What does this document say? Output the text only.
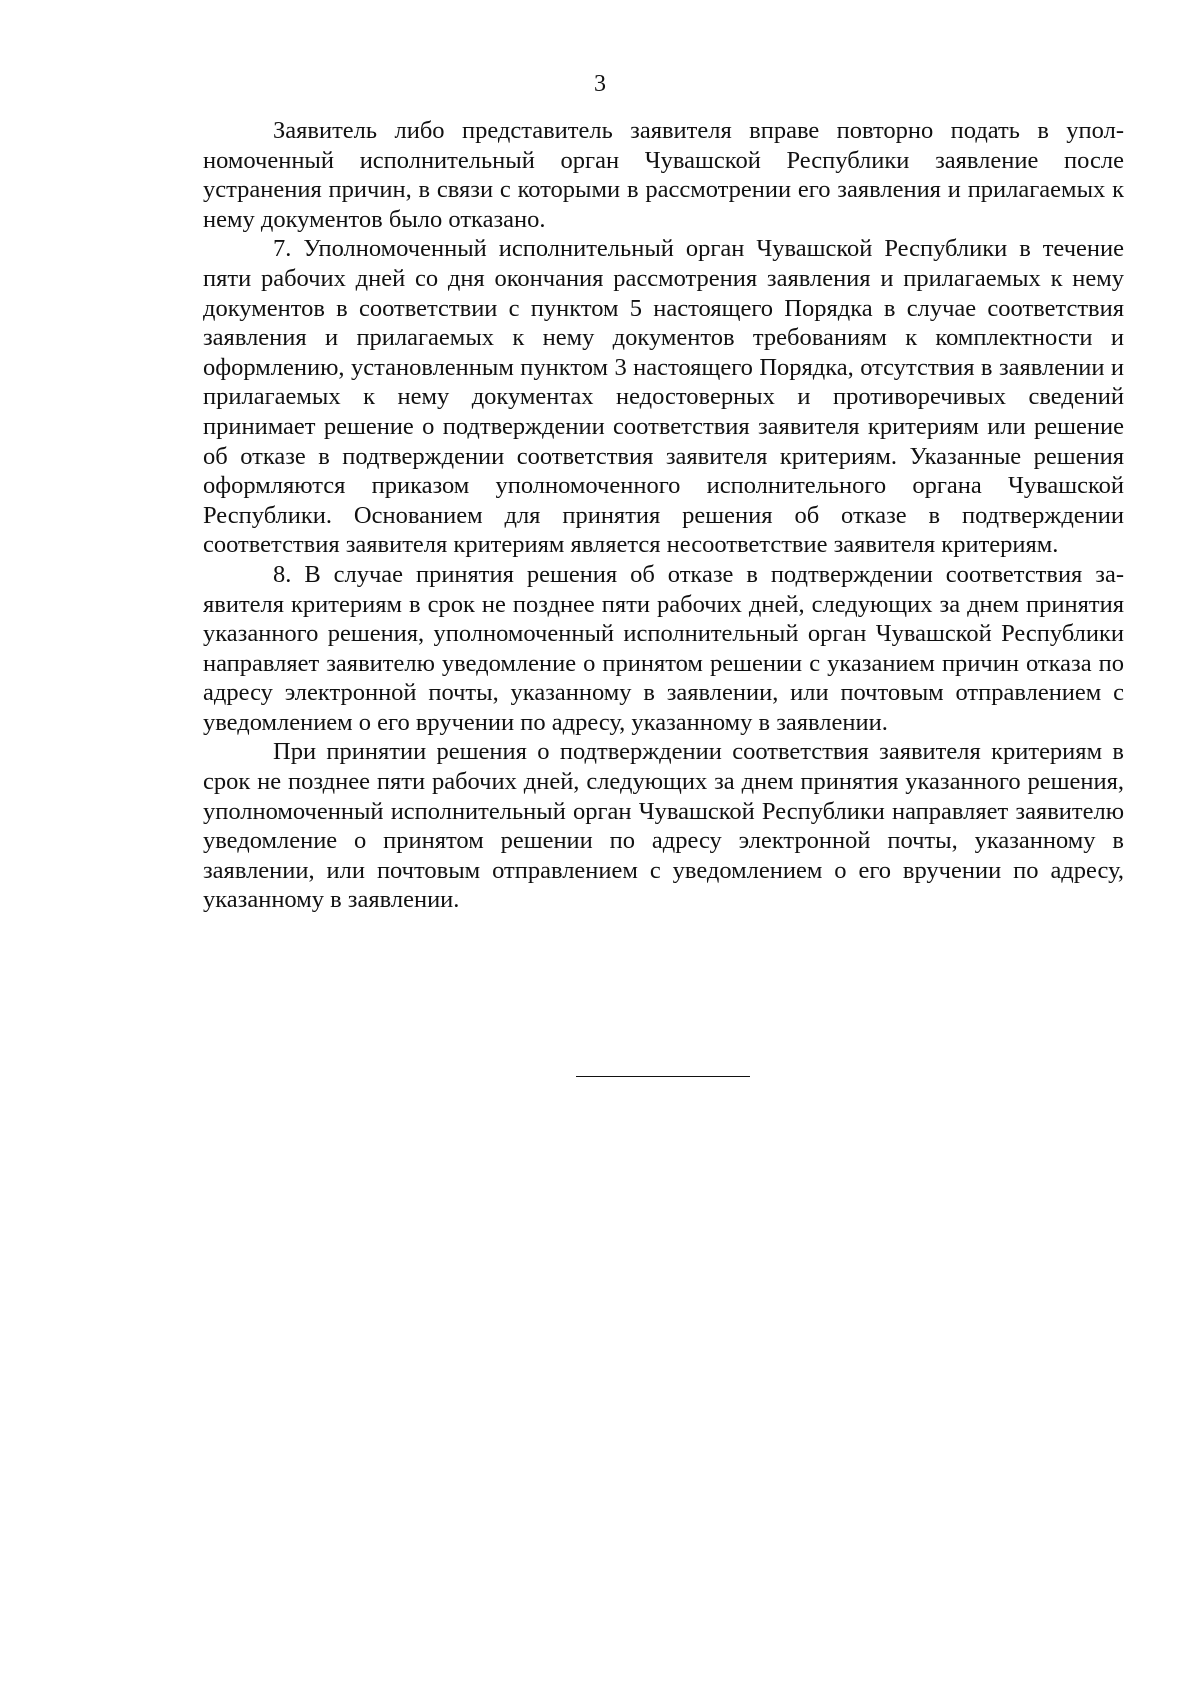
3

Заявитель либо представитель заявителя вправе повторно подать в уполномоченный исполнительный орган Чувашской Республики заявление после устранения причин, в связи с которыми в рассмотрении его заявления и прилагаемых к нему документов было отказано.

7. Уполномоченный исполнительный орган Чувашской Республики в течение пяти рабочих дней со дня окончания рассмотрения заявления и прилагаемых к нему документов в соответствии с пунктом 5 настоящего Порядка в случае соответствия заявления и прилагаемых к нему документов требованиям к комплектности и оформлению, установленным пунктом 3 настоящего Порядка, отсутствия в заявлении и прилагаемых к нему документах недостоверных и противоречивых сведений принимает решение о подтверждении соответствия заявителя критериям или решение об отказе в подтверждении соответствия заявителя критериям. Указанные решения оформляются приказом уполномоченного исполнительного органа Чувашской Республики. Основанием для принятия решения об отказе в подтверждении соответствия заявителя критериям является несоответствие заявителя критериям.

8. В случае принятия решения об отказе в подтверждении соответствия заявителя критериям в срок не позднее пяти рабочих дней, следующих за днем принятия указанного решения, уполномоченный исполнительный орган Чувашской Республики направляет заявителю уведомление о принятом решении с указанием причин отказа по адресу электронной почты, указанному в заявлении, или почтовым отправлением с уведомлением о его вручении по адресу, указанному в заявлении.

При принятии решения о подтверждении соответствия заявителя критериям в срок не позднее пяти рабочих дней, следующих за днем принятия указанного решения, уполномоченный исполнительный орган Чувашской Республики направляет заявителю уведомление о принятом решении по адресу электронной почты, указанному в заявлении, или почтовым отправлением с уведомлением о его вручении по адресу, указанному в заявлении.
